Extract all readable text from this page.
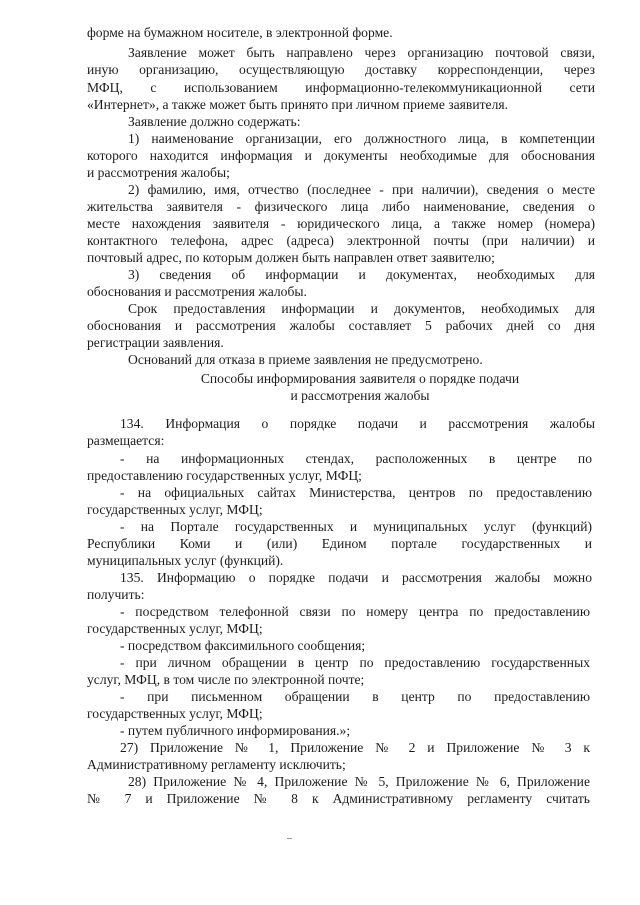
форме на бумажном носителе, в электронной форме.
Заявление может быть направлено через организацию почтовой связи,
иную организацию, осуществляющую доставку корреспонденции, через
МФЦ, с использованием информационно-телекоммуникационной сети
«Интернет», а также может быть принято при личном приеме заявителя.
Заявление должно содержать:
1) наименование организации, его должностного лица, в компетенции
которого находится информация и документы необходимые для обоснования
и рассмотрения жалобы;
2) фамилию, имя, отчество (последнее - при наличии), сведения о месте
жительства заявителя - физического лица либо наименование, сведения о
месте нахождения заявителя - юридического лица, а также номер (номера)
контактного телефона, адрес (адреса) электронной почты (при наличии) и
почтовый адрес, по которым должен быть направлен ответ заявителю;
3) сведения об информации и документах, необходимых для
обоснования и рассмотрения жалобы.
Срок предоставления информации и документов, необходимых для
обоснования и рассмотрения жалобы составляет 5 рабочих дней со дня
регистрации заявления.
Оснований для отказа в приеме заявления не предусмотрено.
Способы информирования заявителя о порядке подачи
и рассмотрения жалобы
134. Информация о порядке подачи и рассмотрения жалобы
размещается:
- на информационных стендах, расположенных в центре по
предоставлению государственных услуг, МФЦ;
- на официальных сайтах Министерства, центров по предоставлению
государственных услуг, МФЦ;
- на Портале государственных и муниципальных услуг (функций)
Республики Коми и (или) Едином портале государственных и
муниципальных услуг (функций).
135. Информацию о порядке подачи и рассмотрения жалобы можно
получить:
- посредством телефонной связи по номеру центра по предоставлению
государственных услуг, МФЦ;
- посредством факсимильного сообщения;
- при личном обращении в центр по предоставлению государственных
услуг, МФЦ, в том числе по электронной почте;
- при письменном обращении в центр по предоставлению
государственных услуг, МФЦ;
- путем публичного информирования.»;
27) Приложение № 1, Приложение № 2 и Приложение № 3 к
Административному регламенту исключить;
28) Приложение № 4, Приложение № 5, Приложение № 6, Приложение
№ 7 и Приложение № 8 к Административному регламенту считать
